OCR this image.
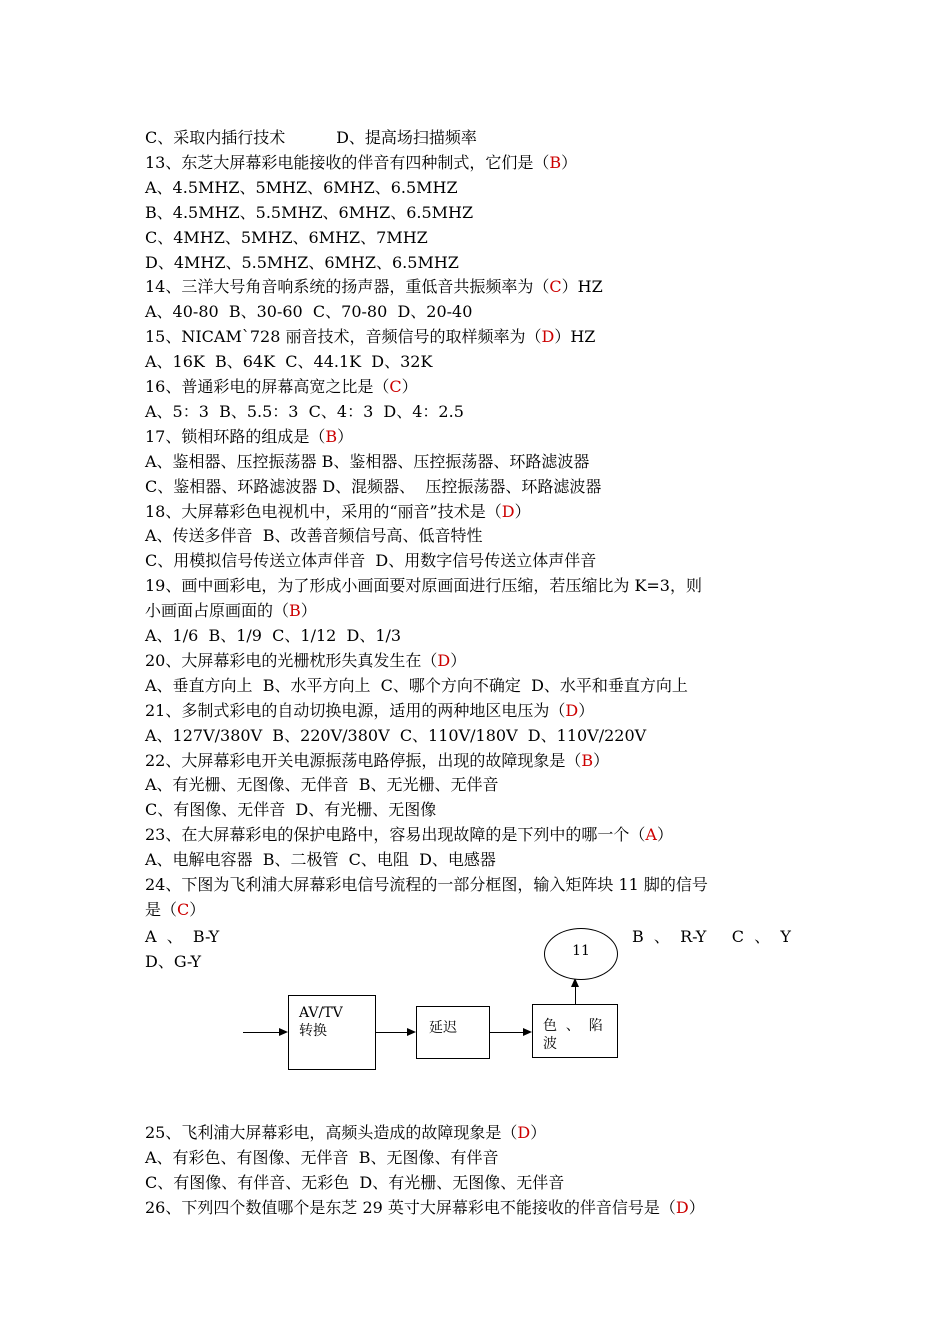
C、采取内插行技术          D、提高场扫描频率
13、东芝大屏幕彩电能接收的伴音有四种制式，它们是（B）
A、4.5MHZ、5MHZ、6MHZ、6.5MHZ
B、4.5MHZ、5.5MHZ、6MHZ、6.5MHZ
C、4MHZ、5MHZ、6MHZ、7MHZ
D、4MHZ、5.5MHZ、6MHZ、6.5MHZ
14、三洋大号角音响系统的扬声器，重低音共振频率为（C）HZ
A、40-80  B、30-60  C、70-80  D、20-40
15、NICAM`728 丽音技术，音频信号的取样频率为（D）HZ
A、16K  B、64K  C、44.1K  D、32K
16、普通彩电的屏幕高宽之比是（C）
A、5：3  B、5.5：3  C、4：3  D、4：2.5
17、锁相环路的组成是（B）
A、鉴相器、压控振荡器 B、鉴相器、压控振荡器、环路滤波器
C、鉴相器、环路滤波器 D、混频器、  压控振荡器、环路滤波器
18、大屏幕彩色电视机中，采用的“丽音”技术是（D）
A、传送多伴音  B、改善音频信号高、低音特性
C、用模拟信号传送立体声伴音  D、用数字信号传送立体声伴音
19、画中画彩电，为了形成小画面要对原画面进行压缩，若压缩比为 K=3，则
小画面占原画面的（B）
A、1/6  B、1/9  C、1/12  D、1/3
20、大屏幕彩电的光栅枕形失真发生在（D）
A、垂直方向上  B、水平方向上  C、哪个方向不确定  D、水平和垂直方向上
21、多制式彩电的自动切换电源，适用的两种地区电压为（D）
A、127V/380V  B、220V/380V  C、110V/180V  D、110V/220V
22、大屏幕彩电开关电源振荡电路停振，出现的故障现象是（B）
A、有光栅、无图像、无伴音  B、无光栅、无伴音
C、有图像、无伴音  D、有光栅、无图像
23、在大屏幕彩电的保护电路中，容易出现故障的是下列中的哪一个（A）
A、电解电容器  B、二极管  C、电阻  D、电感器
24、下图为飞利浦大屏幕彩电信号流程的一部分框图，输入矩阵块 11 脚的信号
是（C）
A  、  B-Y	B  、  R-Y     C  、  Y
D、G-Y
AV/TV
转换	延迟	色  、  陷
波
11
25、飞利浦大屏幕彩电，高频头造成的故障现象是（D）
A、有彩色、有图像、无伴音  B、无图像、有伴音
C、有图像、有伴音、无彩色  D、有光栅、无图像、无伴音
26、下列四个数值哪个是东芝 29 英寸大屏幕彩电不能接收的伴音信号是（D）
